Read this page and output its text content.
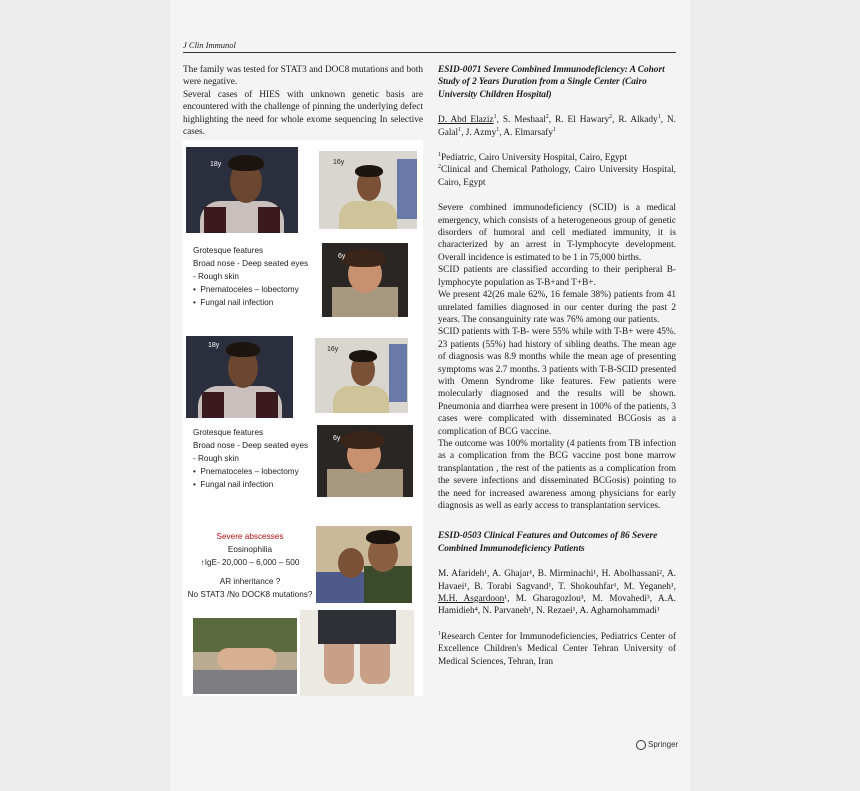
J Clin Immunol
The family was tested for STAT3 and DOC8 mutations and both were negative.
Several cases of HIES with unknown genetic basis are encountered with the challenge of pinning the underlying defect highlighting the need for whole exome sequencing In selective cases.
18y	16y
6y
Grotesque features
Broad nose - Deep seated eyes
- Rough skin
•  Pnematoceles – lobectomy
•  Fungal nail infection
18y
16y
6y
Grotesque features
Broad nose - Deep seated eyes
- Rough skin
•  Pnematoceles – lobectomy
•  Fungal nail infection
Severe abscesses
Eosinophilia
↑IgE- 20,000 – 6,000 – 500
AR inheritance ?
No STAT3 /No DOCK8 mutations?

ESID-0071 Severe Combined Immunodeficiency: A Cohort Study of 2 Years Duration from a Single Center (Cairo University Children Hospital)

D. Abd Elaziz$^1$, S. Meshaal$^2$, R. El Hawary$^2$, R. Alkady$^1$, N. Galal$^1$, J. Azmy$^1$, A. Elmarsafy$^1$

$^1$Pediatric, Cairo University Hospital, Cairo, Egypt
$^2$Clinical and Chemical Pathology, Cairo University Hospital, Cairo, Egypt

Severe combined immunodeficiency (SCID) is a medical emergency, which consists of a heterogeneous group of genetic disorders of humoral and cell mediated immunity, it is characterized by an arrest in T-lymphocyte development. Overall incidence is estimated to be 1 in 75,000 births.

SCID patients are classified according to their peripheral B-lymphocyte population as T-B+and T+B+.

We present 42(26 male 62%, 16 female 38%) patients from 41 unrelated families diagnosed in our center during the past 2 years. The consanguinity rate was 76% among our patients.

SCID patients with T-B- were 55% while with T-B+ were 45%. 23 patients (55%) had history of sibling deaths. The mean age of diagnosis was 8.9 months while the mean age of presenting symptoms was 2.7 months. 3 patients with T-B-SCID presented with Omenn Syndrome like features. Few patients were molecularly diagnosed and the results will be shown. Pneumonia and diarrhea were present in 100% of the patients, 3 cases were complicated with disseminated BCGosis as a complication of BCG vaccine.

The outcome was 100% mortality (4 patients from TB infection as a complication from the BCG vaccine post bone marrow transplantation , the rest of the patients as a complication from the severe infections and disseminated BCGosis) pointing to the need for increased awareness among physicians for early diagnosis as well as early access to transplantation services.

ESID-0503 Clinical Features and Outcomes of 86 Severe Combined Immunodeficiency Patients

M. Afarideh¹, A. Ghajar¹, B. Mirminachi¹, H. Abolhassani², A. Havaei¹, B. Torabi Sagvand¹, T. Shokouhfar¹, M. Yeganeh¹, M.H. Asgardoon¹, M. Gharagozlou³, M. Movahedi³, A.A. Hamidieh⁴, N. Parvaneh¹, N. Rezaei¹, A. Aghamohammadi¹

$^1$Research Center for Immunodeficiencies, Pediatrics Center of Excellence Children's Medical Center Tehran University of Medical Sciences, Tehran, Iran

Springer
